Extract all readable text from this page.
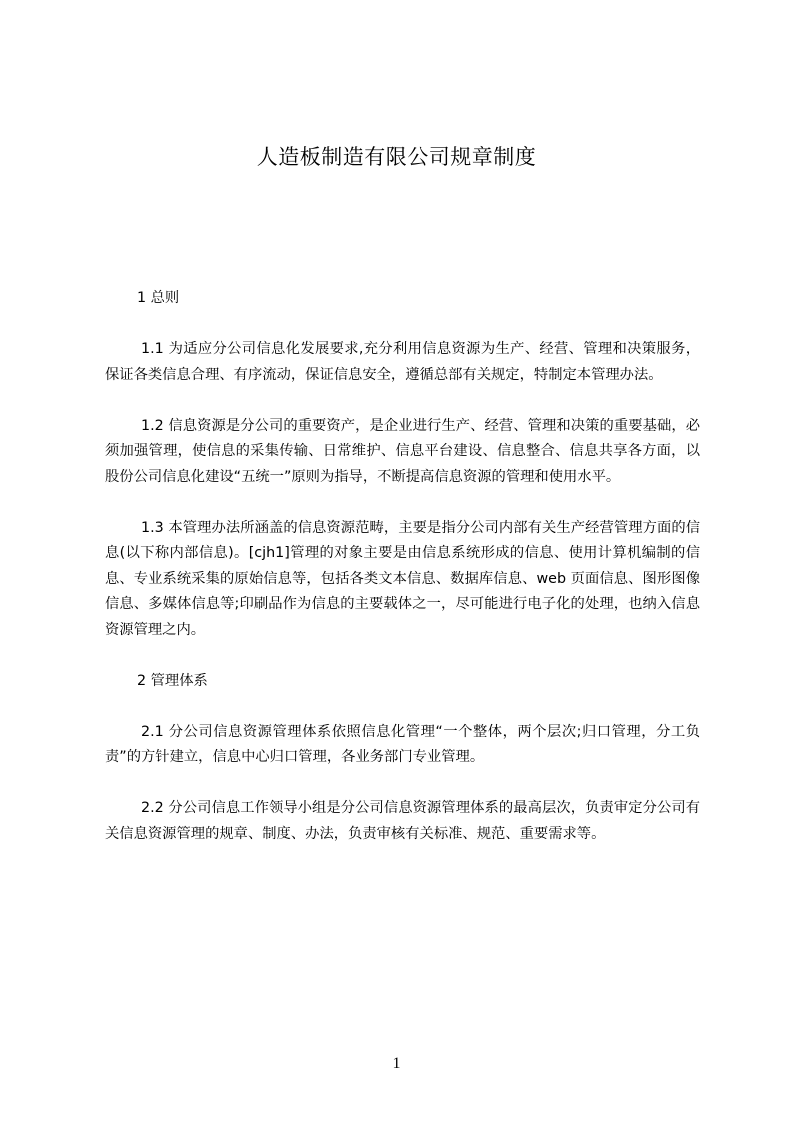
人造板制造有限公司规章制度

1 总则

1.1 为适应分公司信息化发展要求,充分利用信息资源为生产、经营、管理和决策服务，保证各类信息合理、有序流动，保证信息安全，遵循总部有关规定，特制定本管理办法。

1.2 信息资源是分公司的重要资产，是企业进行生产、经营、管理和决策的重要基础，必须加强管理，使信息的采集传输、日常维护、信息平台建设、信息整合、信息共享各方面，以股份公司信息化建设“五统一”原则为指导，不断提高信息资源的管理和使用水平。

1.3 本管理办法所涵盖的信息资源范畴，主要是指分公司内部有关生产经营管理方面的信息(以下称内部信息)。[cjh1]管理的对象主要是由信息系统形成的信息、使用计算机编制的信息、专业系统采集的原始信息等，包括各类文本信息、数据库信息、web 页面信息、图形图像信息、多媒体信息等;印刷品作为信息的主要载体之一，尽可能进行电子化的处理，也纳入信息资源管理之内。

2 管理体系

2.1 分公司信息资源管理体系依照信息化管理“一个整体，两个层次;归口管理，分工负责”的方针建立，信息中心归口管理，各业务部门专业管理。

2.2 分公司信息工作领导小组是分公司信息资源管理体系的最高层次，负责审定分公司有关信息资源管理的规章、制度、办法，负责审核有关标准、规范、重要需求等。

1
